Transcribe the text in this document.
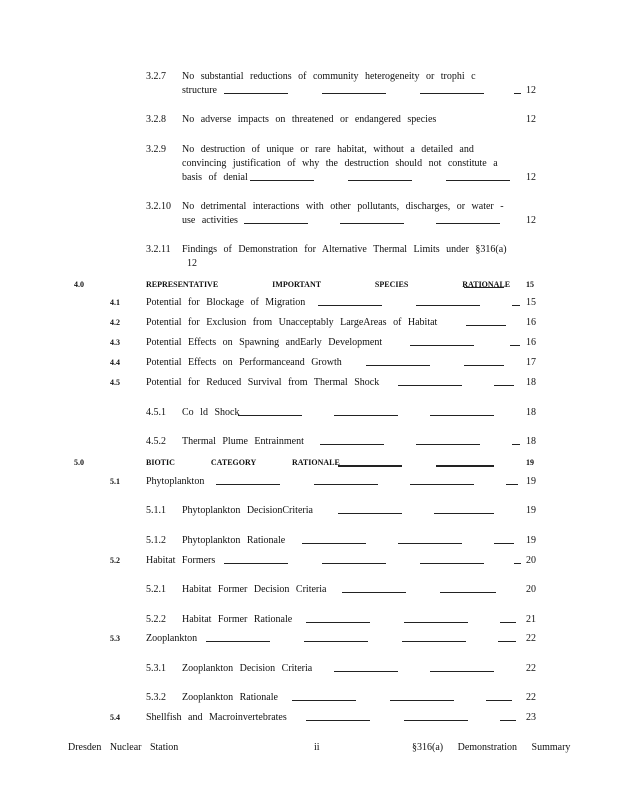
3.2.7 No substantial reductions of community heterogeneity or trophi c
structure	12
3.2.8 No adverse impacts on threatened or endangered species	12
3.2.9 No destruction of unique or rare habitat, without a detailed and
convincing justification of why the destruction should not constitute a
basis of denial	12
3.2.10 No detrimental interactions with other pollutants, discharges, or water -
use activities	12
3.2.11 Findings of Demonstration for Alternative Thermal Limits under §316(a)
12
4.0	REPRESENTATIVE IMPORTANT SPECIES RATIONALE 15
4.1	Potential for Blockage of Migration	15
4.2	Potential for Exclusion from Unacceptably LargeAreas of Habitat	16
4.3	Potential Effects on Spawning andEarly Development	16
4.4	Potential Effects on Performanceand Growth	17
4.5	Potential for Reduced Survival from Thermal Shock	18
4.5.1 Co ld Shock	18
4.5.2 Thermal Plume Entrainment	18
5.0	BIOTIC CATEGORY RATIONALE	19
5.1	Phytoplankton	19
5.1.1 Phytoplankton DecisionCriteria	19
5.1.2 Phytoplankton Rationale	19
5.2	Habitat Formers	20
5.2.1 Habitat Former Decision Criteria	20
5.2.2 Habitat Former Rationale	21
5.3	Zooplankton	22
5.3.1 Zooplankton Decision Criteria	22
5.3.2 Zooplankton Rationale	22
5.4	Shellfish and Macroinvertebrates	23
Dresden Nuclear Station	ii	§316(a) Demonstration Summary
